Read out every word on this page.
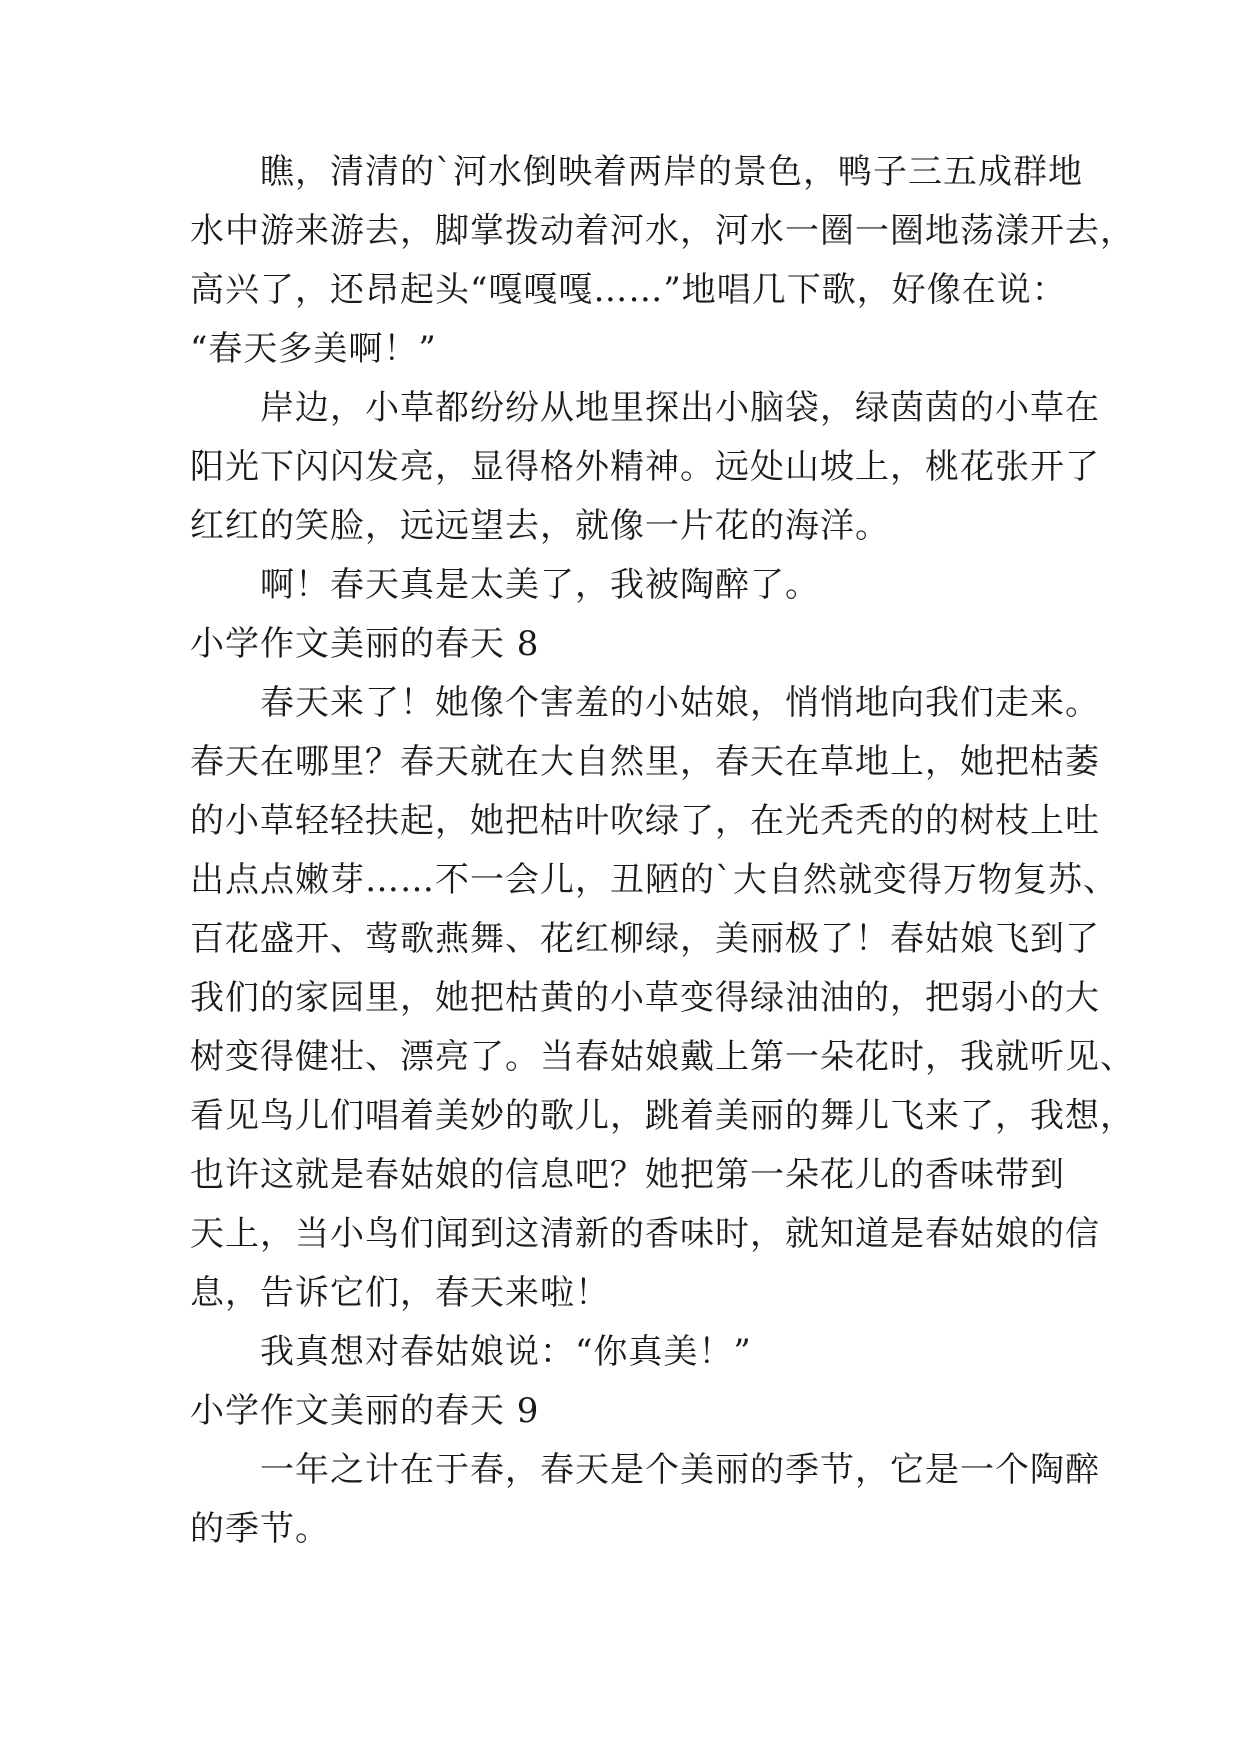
　　瞧，清清的`河水倒映着两岸的景色，鸭子三五成群地
水中游来游去，脚掌拨动着河水，河水一圈一圈地荡漾开去，
高兴了，还昂起头“嘎嘎嘎……”地唱几下歌，好像在说：
“春天多美啊！”
　　岸边，小草都纷纷从地里探出小脑袋，绿茵茵的小草在
阳光下闪闪发亮，显得格外精神。远处山坡上，桃花张开了
红红的笑脸，远远望去，就像一片花的海洋。
　　啊！春天真是太美了，我被陶醉了。
小学作文美丽的春天 8
　　春天来了！她像个害羞的小姑娘，悄悄地向我们走来。
春天在哪里？春天就在大自然里，春天在草地上，她把枯萎
的小草轻轻扶起，她把枯叶吹绿了，在光秃秃的的树枝上吐
出点点嫩芽……不一会儿，丑陋的`大自然就变得万物复苏、
百花盛开、莺歌燕舞、花红柳绿，美丽极了！春姑娘飞到了
我们的家园里，她把枯黄的小草变得绿油油的，把弱小的大
树变得健壮、漂亮了。当春姑娘戴上第一朵花时，我就听见、
看见鸟儿们唱着美妙的歌儿，跳着美丽的舞儿飞来了，我想，
也许这就是春姑娘的信息吧？她把第一朵花儿的香味带到
天上，当小鸟们闻到这清新的香味时，就知道是春姑娘的信
息，告诉它们，春天来啦！
　　我真想对春姑娘说：“你真美！”
小学作文美丽的春天 9
　　一年之计在于春，春天是个美丽的季节，它是一个陶醉
的季节。
